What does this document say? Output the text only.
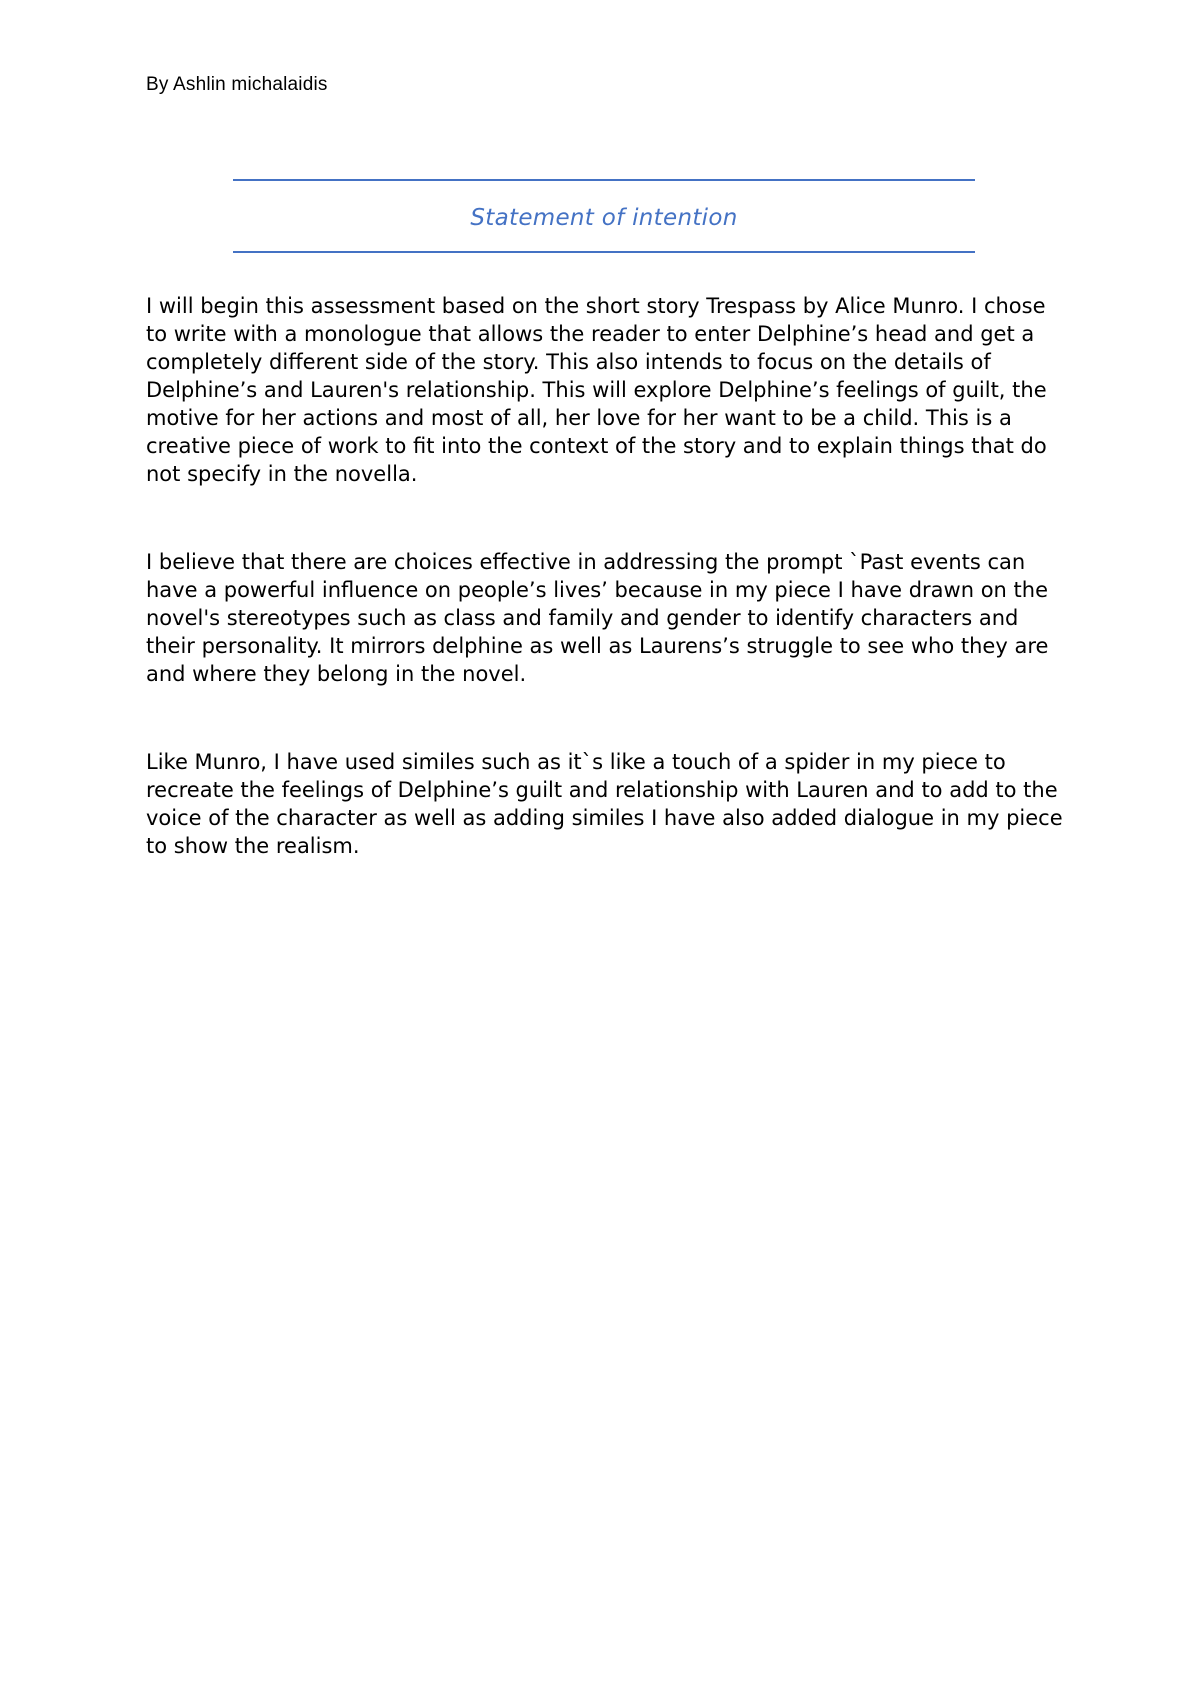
By Ashlin michalaidis
Statement of intention

I will begin this assessment based on the short story Trespass by Alice Munro. I chose to write with a monologue that allows the reader to enter Delphine’s head and get a completely different side of the story. This also intends to focus on the details of Delphine’s and Lauren's relationship. This will explore Delphine’s feelings of guilt, the motive for her actions and most of all, her love for her want to be a child. This is a creative piece of work to fit into the context of the story and to explain things that do not specify in the novella.

I believe that there are choices effective in addressing the prompt `Past events can have a powerful influence on people’s lives’ because in my piece I have drawn on the novel's stereotypes such as class and family and gender to identify characters and their personality. It mirrors delphine as well as Laurens’s struggle to see who they are and where they belong in the novel.

Like Munro, I have used similes such as it`s like a touch of a spider in my piece to recreate the feelings of Delphine’s guilt and relationship with Lauren and to add to the voice of the character as well as adding similes I have also added dialogue in my piece to show the realism.
